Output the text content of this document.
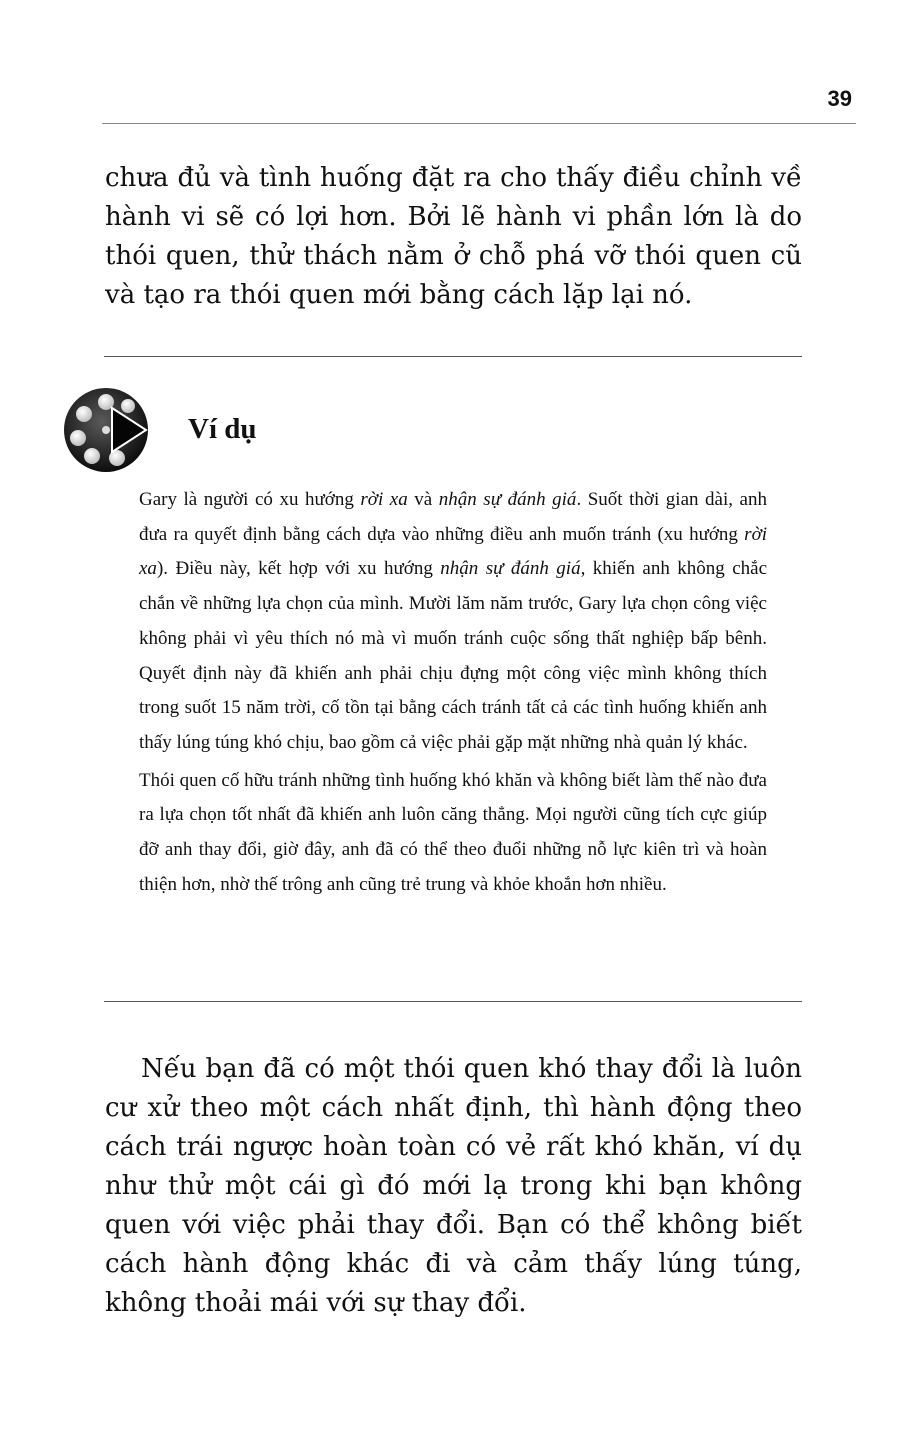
39

chưa đủ và tình huống đặt ra cho thấy điều chỉnh về hành vi sẽ có lợi hơn. Bởi lẽ hành vi phần lớn là do thói quen, thử thách nằm ở chỗ phá vỡ thói quen cũ và tạo ra thói quen mới bằng cách lặp lại nó.

Ví dụ

Gary là người có xu hướng rời xa và nhận sự đánh giá. Suốt thời gian dài, anh đưa ra quyết định bằng cách dựa vào những điều anh muốn tránh (xu hướng rời xa). Điều này, kết hợp với xu hướng nhận sự đánh giá, khiến anh không chắc chắn về những lựa chọn của mình. Mười lăm năm trước, Gary lựa chọn công việc không phải vì yêu thích nó mà vì muốn tránh cuộc sống thất nghiệp bấp bênh. Quyết định này đã khiến anh phải chịu đựng một công việc mình không thích trong suốt 15 năm trời, cố tồn tại bằng cách tránh tất cả các tình huống khiến anh thấy lúng túng khó chịu, bao gồm cả việc phải gặp mặt những nhà quản lý khác.

Thói quen cố hữu tránh những tình huống khó khăn và không biết làm thế nào đưa ra lựa chọn tốt nhất đã khiến anh luôn căng thẳng. Mọi người cũng tích cực giúp đỡ anh thay đổi, giờ đây, anh đã có thể theo đuổi những nỗ lực kiên trì và hoàn thiện hơn, nhờ thế trông anh cũng trẻ trung và khỏe khoắn hơn nhiều.

Nếu bạn đã có một thói quen khó thay đổi là luôn cư xử theo một cách nhất định, thì hành động theo cách trái ngược hoàn toàn có vẻ rất khó khăn, ví dụ như thử một cái gì đó mới lạ trong khi bạn không quen với việc phải thay đổi. Bạn có thể không biết cách hành động khác đi và cảm thấy lúng túng, không thoải mái với sự thay đổi.
